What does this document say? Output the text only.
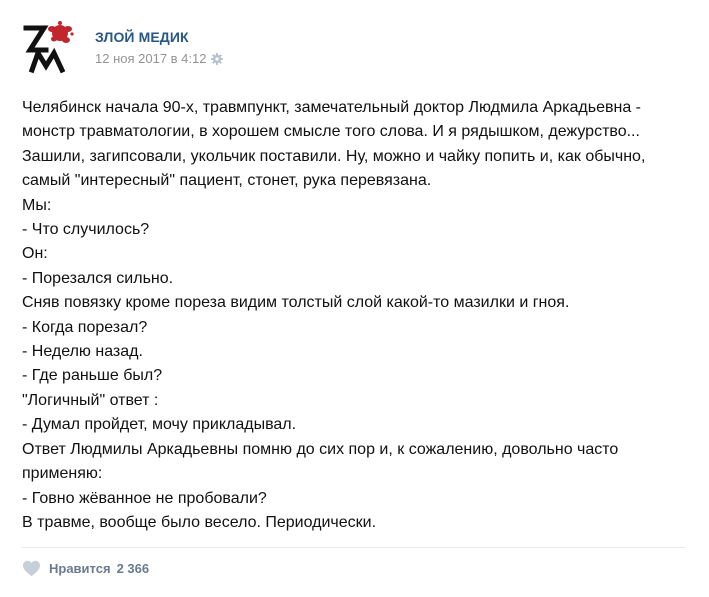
ЗЛОЙ МЕДИК
12 ноя 2017 в 4:12
Челябинск начала 90-х, травмпункт, замечательный доктор Людмила Аркадьевна -
монстр травматологии, в хорошем смысле того слова. И я рядышком, дежурство...
Зашили, загипсовали, укольчик поставили. Ну, можно и чайку попить и, как обычно,
самый "интересный" пациент, стонет, рука перевязана.
Мы:
- Что случилось?
Он:
- Порезался сильно.
Сняв повязку кроме пореза видим толстый слой какой-то мазилки и гноя.
- Когда порезал?
- Неделю назад.
- Где раньше был?
"Логичный" ответ :
- Думал пройдет, мочу прикладывал.
Ответ Людмилы Аркадьевны помню до сих пор и, к сожалению, довольно часто
применяю:
- Говно жёванное не пробовали?
В травме, вообще было весело. Периодически.
Нравится 2 366
